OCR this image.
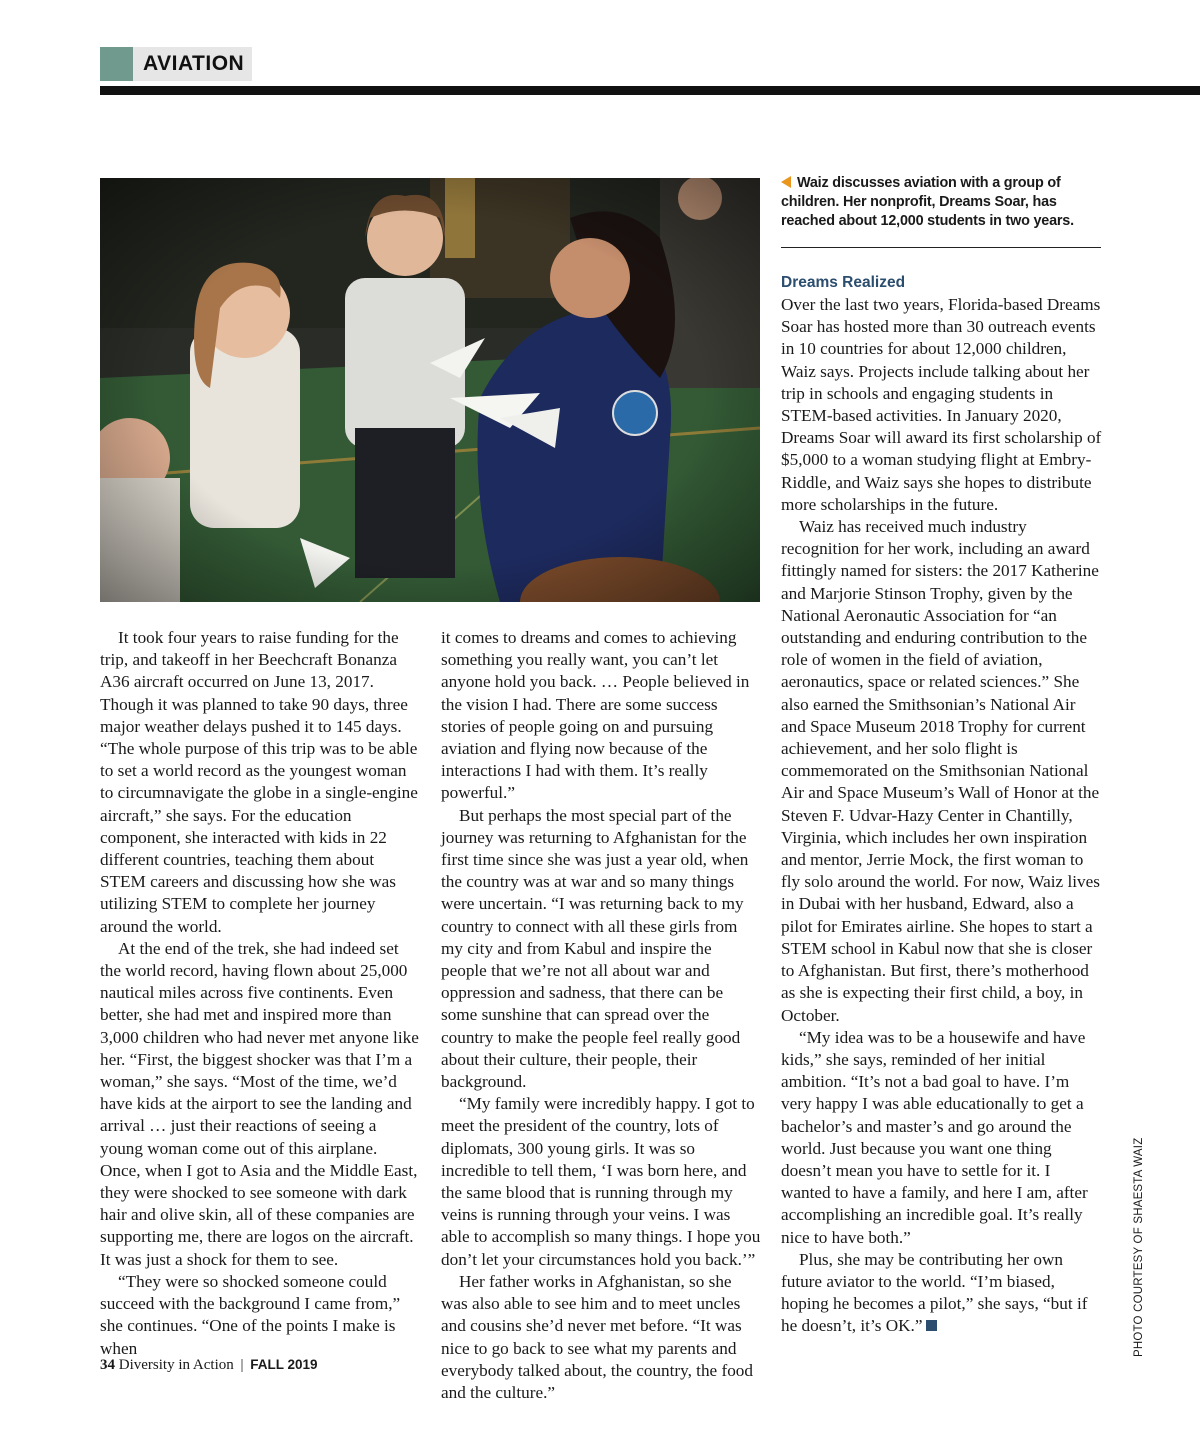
AVIATION
Waiz discusses aviation with a group of children. Her nonprofit, Dreams Soar, has reached about 12,000 students in two years.

It took four years to raise funding for the trip, and takeoff in her Beechcraft Bonanza A36 aircraft occurred on June 13, 2017. Though it was planned to take 90 days, three major weather delays pushed it to 145 days. “The whole purpose of this trip was to be able to set a world record as the youngest woman to circumnavigate the globe in a single-engine aircraft,” she says. For the education component, she interacted with kids in 22 different countries, teaching them about STEM careers and discussing how she was utilizing STEM to complete her journey around the world.

At the end of the trek, she had indeed set the world record, having flown about 25,000 nautical miles across five continents. Even better, she had met and inspired more than 3,000 children who had never met anyone like her. “First, the biggest shocker was that I’m a woman,” she says. “Most of the time, we’d have kids at the airport to see the landing and arrival … just their reactions of seeing a young woman come out of this airplane. Once, when I got to Asia and the Middle East, they were shocked to see someone with dark hair and olive skin, all of these companies are supporting me, there are logos on the aircraft. It was just a shock for them to see.

“They were so shocked someone could succeed with the background I came from,” she continues. “One of the points I make is when

it comes to dreams and comes to achieving something you really want, you can’t let anyone hold you back. … People believed in the vision I had. There are some success stories of people going on and pursuing aviation and flying now because of the interactions I had with them. It’s really powerful.”

But perhaps the most special part of the journey was returning to Afghanistan for the first time since she was just a year old, when the country was at war and so many things were uncertain. “I was returning back to my country to connect with all these girls from my city and from Kabul and inspire the people that we’re not all about war and oppression and sadness, that there can be some sunshine that can spread over the country to make the people feel really good about their culture, their people, their background.

“My family were incredibly happy. I got to meet the president of the country, lots of diplomats, 300 young girls. It was so incredible to tell them, ‘I was born here, and the same blood that is running through my veins is running through your veins. I was able to accomplish so many things. I hope you don’t let your circumstances hold you back.’”

Her father works in Afghanistan, so she was also able to see him and to meet uncles and cousins she’d never met before. “It was nice to go back to see what my parents and everybody talked about, the country, the food and the culture.”

Dreams Realized

Over the last two years, Florida-based Dreams Soar has hosted more than 30 outreach events in 10 countries for about 12,000 children, Waiz says. Projects include talking about her trip in schools and engaging students in STEM-based activities. In January 2020, Dreams Soar will award its first scholarship of $5,000 to a woman studying flight at Embry-Riddle, and Waiz says she hopes to distribute more scholarships in the future.

Waiz has received much industry recognition for her work, including an award fittingly named for sisters: the 2017 Katherine and Marjorie Stinson Trophy, given by the National Aeronautic Association for “an outstanding and enduring contribution to the role of women in the field of aviation, aeronautics, space or related sciences.” She also earned the Smithsonian’s National Air and Space Museum 2018 Trophy for current achievement, and her solo flight is commemorated on the Smithsonian National Air and Space Museum’s Wall of Honor at the Steven F. Udvar-Hazy Center in Chantilly, Virginia, which includes her own inspiration and mentor, Jerrie Mock, the first woman to fly solo around the world. For now, Waiz lives in Dubai with her husband, Edward, also a pilot for Emirates airline. She hopes to start a STEM school in Kabul now that she is closer to Afghanistan. But first, there’s motherhood as she is expecting their first child, a boy, in October.

“My idea was to be a housewife and have kids,” she says, reminded of her initial ambition. “It’s not a bad goal to have. I’m very happy I was able educationally to get a bachelor’s and master’s and go around the world. Just because you want one thing doesn’t mean you have to settle for it. I wanted to have a family, and here I am, after accomplishing an incredible goal. It’s really nice to have both.”

Plus, she may be contributing her own future aviator to the world. “I’m biased, hoping he becomes a pilot,” she says, “but if he doesn’t, it’s OK.”	PHOTO COURTESY OF SHAESTA WAIZ
34 Diversity in Action | FALL 2019
